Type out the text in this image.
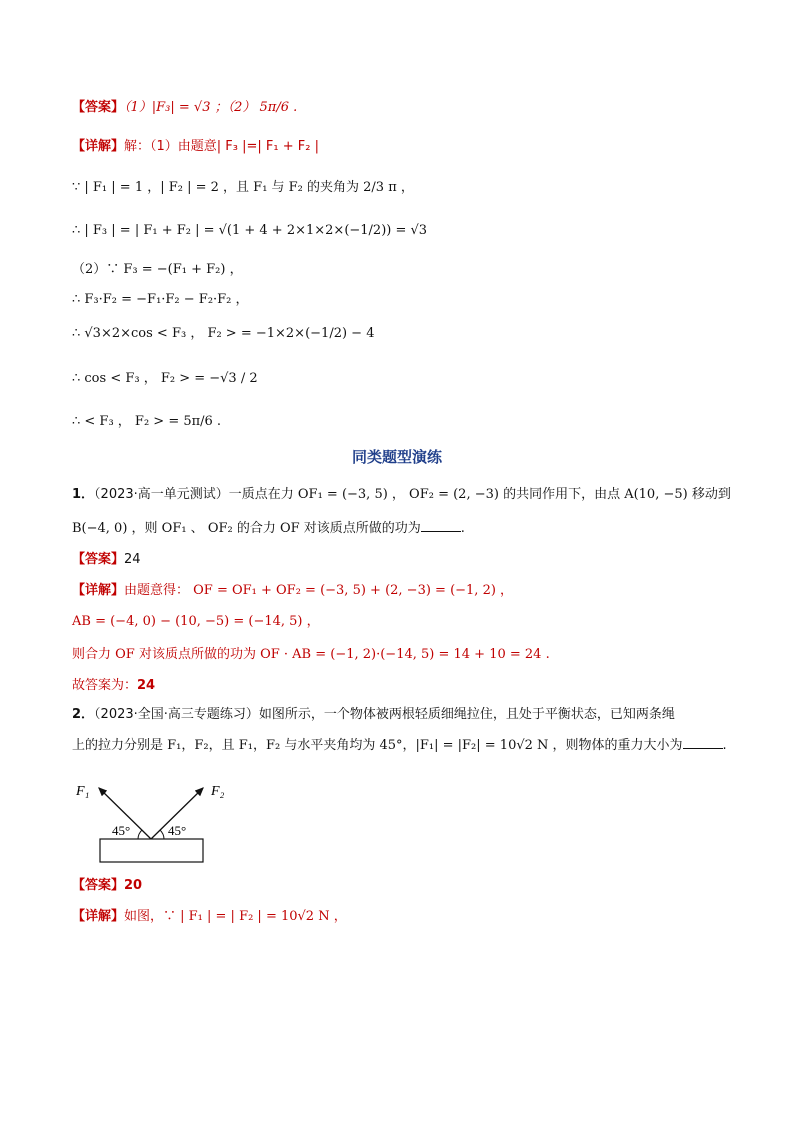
【答案】（1）|F₃| = √3 ；（2） 5π/6 .
【详解】解：（1）由题意| F₃ |=| F₁ + F₂ |
∵ | F₁ | = 1 ，| F₂ | = 2 ，且 F₁ 与 F₂ 的夹角为 2/3 π ，
∴ | F₃ | = | F₁ + F₂ | = √(1 + 4 + 2×1×2×(−1/2)) = √3
（2）∵ F₃ = −(F₁ + F₂) ，
∴ F₃·F₂ = −F₁·F₂ − F₂·F₂ ，
∴ √3×2×cos < F₃ ， F₂ > = −1×2×(−1/2) − 4
∴ cos < F₃ ， F₂ > = −√3 / 2
∴ < F₃ ， F₂ > = 5π/6 .
同类题型演练
1．（2023·高一单元测试）一质点在力 OF₁ = (−3, 5) ， OF₂ = (2, −3) 的共同作用下，由点 A(10, −5) 移动到
B(−4, 0) ，则 OF₁ 、 OF₂ 的合力 OF 对该质点所做的功为	.
【答案】24
【详解】由题意得： OF = OF₁ + OF₂ = (−3, 5) + (2, −3) = (−1, 2) ，
AB = (−4, 0) − (10, −5) = (−14, 5) ，
则合力 OF 对该质点所做的功为 OF · AB = (−1, 2)·(−14, 5) = 14 + 10 = 24 .
故答案为：24
2．（2023·全国·高三专题练习）如图所示，一个物体被两根轻质细绳拉住，且处于平衡状态，已知两条绳
上的拉力分别是 F₁，F₂，且 F₁，F₂ 与水平夹角均为 45°，|F₁| = |F₂| = 10√2 N ，则物体的重力大小为	.
F₁	F₂
45°	45°
【答案】20
【详解】如图，∵ | F₁ | = | F₂ | = 10√2 N ，
